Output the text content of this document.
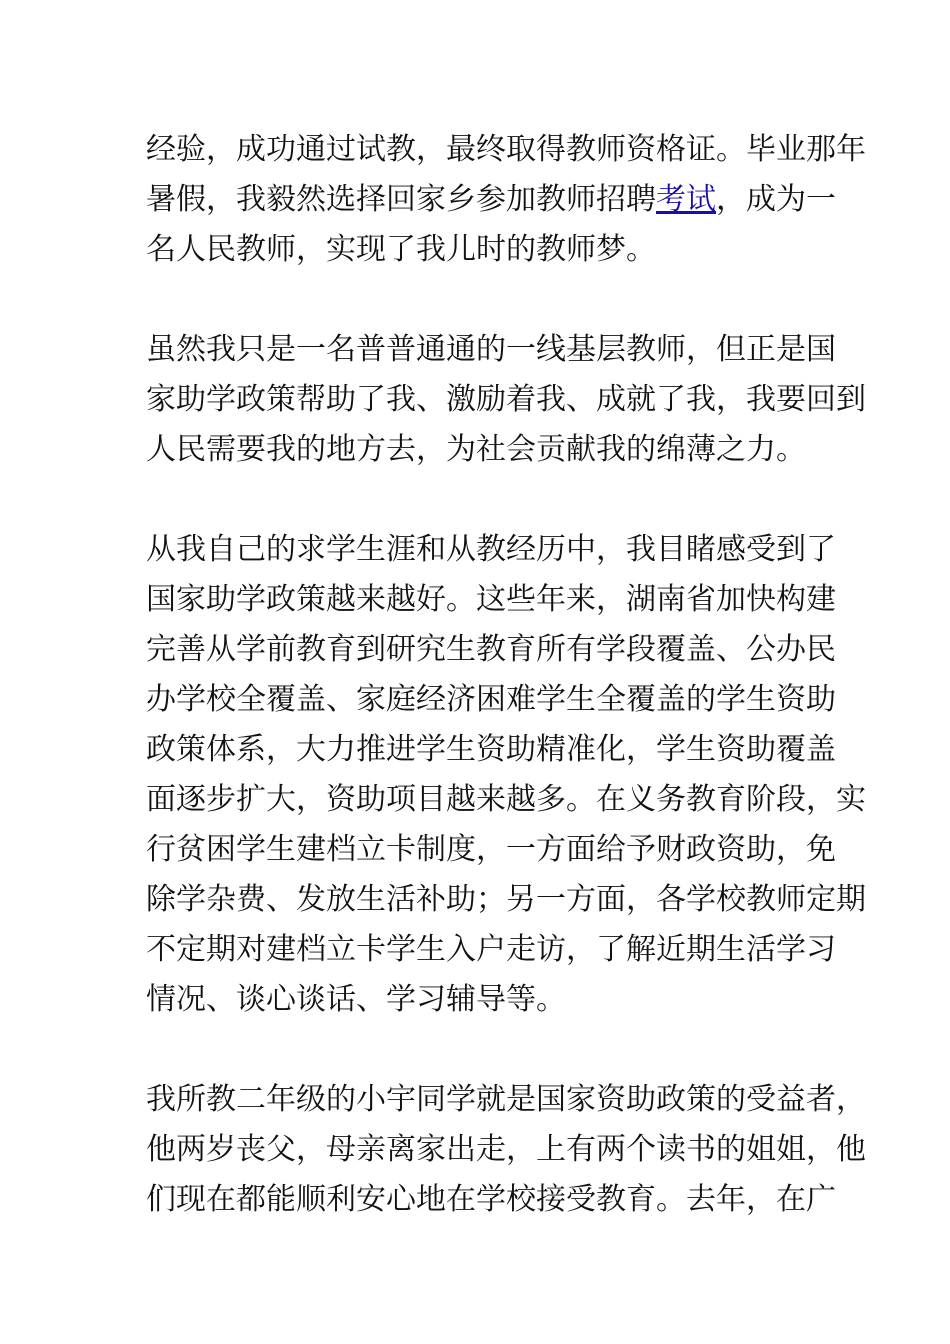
经验，成功通过试教，最终取得教师资格证。毕业那年
暑假，我毅然选择回家乡参加教师招聘考试，成为一
名人民教师，实现了我儿时的教师梦。
虽然我只是一名普普通通的一线基层教师，但正是国
家助学政策帮助了我、激励着我、成就了我，我要回到
人民需要我的地方去，为社会贡献我的绵薄之力。
从我自己的求学生涯和从教经历中，我目睹感受到了
国家助学政策越来越好。这些年来，湖南省加快构建
完善从学前教育到研究生教育所有学段覆盖、公办民
办学校全覆盖、家庭经济困难学生全覆盖的学生资助
政策体系，大力推进学生资助精准化，学生资助覆盖
面逐步扩大，资助项目越来越多。在义务教育阶段，实
行贫困学生建档立卡制度，一方面给予财政资助，免
除学杂费、发放生活补助；另一方面，各学校教师定期
不定期对建档立卡学生入户走访，了解近期生活学习
情况、谈心谈话、学习辅导等。
我所教二年级的小宇同学就是国家资助政策的受益者，
他两岁丧父，母亲离家出走，上有两个读书的姐姐，他
们现在都能顺利安心地在学校接受教育。去年，在广
